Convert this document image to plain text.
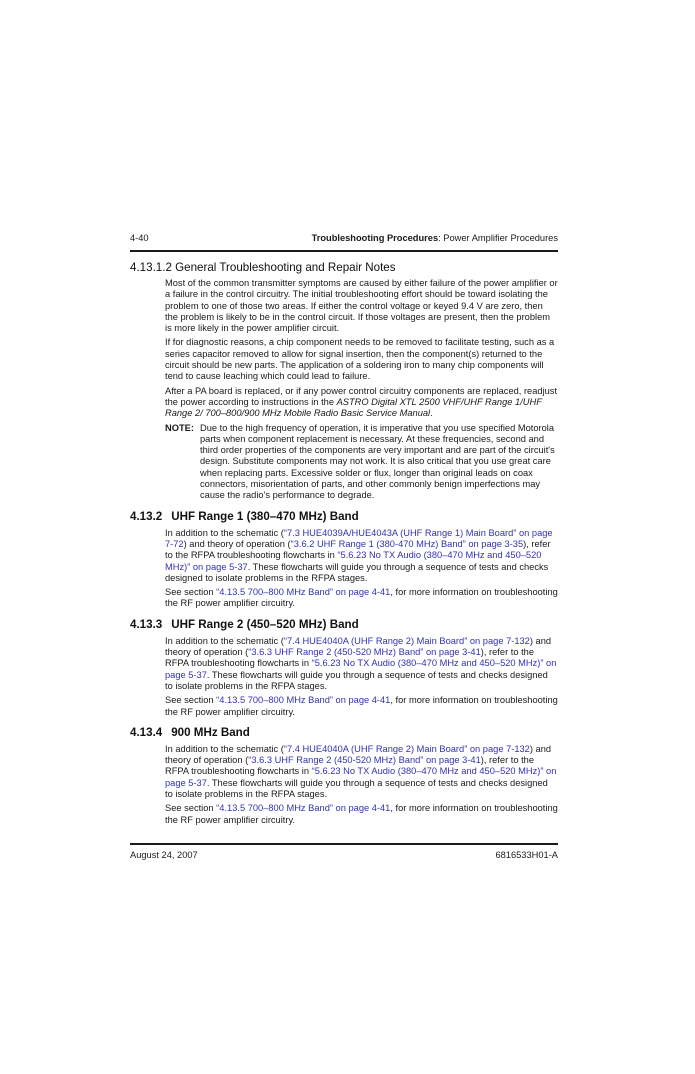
4-40	Troubleshooting Procedures: Power Amplifier Procedures
4.13.1.2 General Troubleshooting and Repair Notes
Most of the common transmitter symptoms are caused by either failure of the power amplifier or a failure in the control circuitry. The initial troubleshooting effort should be toward isolating the problem to one of those two areas. If either the control voltage or keyed 9.4 V are zero, then the problem is likely to be in the control circuit. If those voltages are present, then the problem is more likely in the power amplifier circuit.
If for diagnostic reasons, a chip component needs to be removed to facilitate testing, such as a series capacitor removed to allow for signal insertion, then the component(s) returned to the circuit should be new parts. The application of a soldering iron to many chip components will tend to cause leaching which could lead to failure.
After a PA board is replaced, or if any power control circuitry components are replaced, readjust the power according to instructions in the ASTRO Digital XTL 2500 VHF/UHF Range 1/UHF Range 2/ 700–800/900 MHz Mobile Radio Basic Service Manual.
NOTE: Due to the high frequency of operation, it is imperative that you use specified Motorola parts when component replacement is necessary. At these frequencies, second and third order properties of the components are very important and are part of the circuit's design. Substitute components may not work. It is also critical that you use great care when replacing parts. Excessive solder or flux, longer than original leads on coax connectors, misorientation of parts, and other commonly benign imperfections may cause the radio's performance to degrade.
4.13.2 UHF Range 1 (380–470 MHz) Band
In addition to the schematic (“7.3 HUE4039A/HUE4043A (UHF Range 1) Main Board” on page 7-72) and theory of operation (“3.6.2 UHF Range 1 (380-470 MHz) Band” on page 3-35), refer to the RFPA troubleshooting flowcharts in “5.6.23 No TX Audio (380–470 MHz and 450–520 MHz)” on page 5-37. These flowcharts will guide you through a sequence of tests and checks designed to isolate problems in the RFPA stages.
See section “4.13.5 700–800 MHz Band” on page 4-41, for more information on troubleshooting the RF power amplifier circuitry.
4.13.3 UHF Range 2 (450–520 MHz) Band
In addition to the schematic (“7.4 HUE4040A (UHF Range 2) Main Board” on page 7-132) and theory of operation (“3.6.3 UHF Range 2 (450-520 MHz) Band” on page 3-41), refer to the RFPA troubleshooting flowcharts in “5.6.23 No TX Audio (380–470 MHz and 450–520 MHz)” on page 5-37. These flowcharts will guide you through a sequence of tests and checks designed to isolate problems in the RFPA stages.
See section “4.13.5 700–800 MHz Band” on page 4-41, for more information on troubleshooting the RF power amplifier circuitry.
4.13.4 900 MHz Band
In addition to the schematic (“7.4 HUE4040A (UHF Range 2) Main Board” on page 7-132) and theory of operation (“3.6.3 UHF Range 2 (450-520 MHz) Band” on page 3-41), refer to the RFPA troubleshooting flowcharts in “5.6.23 No TX Audio (380–470 MHz and 450–520 MHz)” on page 5-37. These flowcharts will guide you through a sequence of tests and checks designed to isolate problems in the RFPA stages.
See section “4.13.5 700–800 MHz Band” on page 4-41, for more information on troubleshooting the RF power amplifier circuitry.
August 24, 2007	6816533H01-A
